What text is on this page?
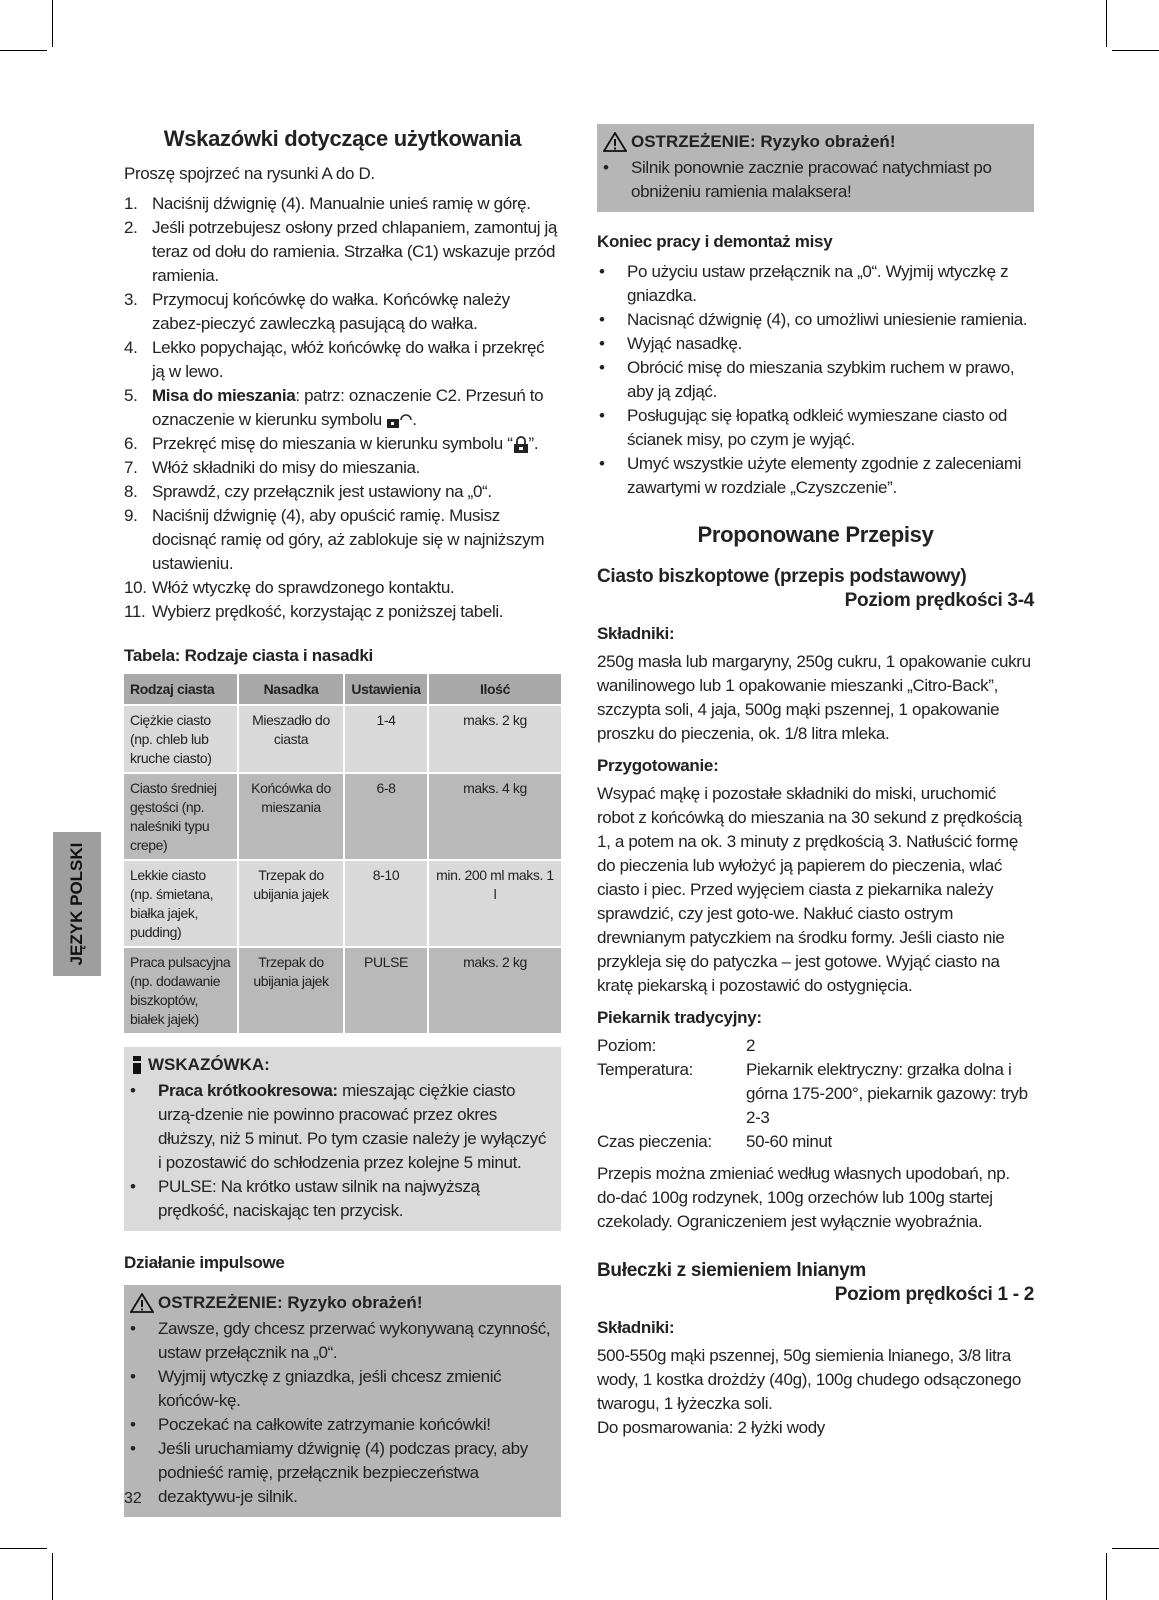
JĘZYK POLSKI
Wskazówki dotyczące użytkowania

Proszę spojrzeć na rysunki A do D.

1. Naciśnij dźwignię (4). Manualnie unieś ramię w górę.
2. Jeśli potrzebujesz osłony przed chlapaniem, zamontuj ją teraz od dołu do ramienia. Strzałka (C1) wskazuje przód ramienia.
3. Przymocuj końcówkę do wałka. Końcówkę należy zabez-pieczyć zawleczką pasującą do wałka.
4. Lekko popychając, włóż końcówkę do wałka i przekręć ją w lewo.
5. Misa do mieszania: patrz: oznaczenie C2. Przesuń to oznaczenie w kierunku symbolu .
6. Przekręć misę do mieszania w kierunku symbolu “ ”.
7. Włóż składniki do misy do mieszania.
8. Sprawdź, czy przełącznik jest ustawiony na „0“.
9. Naciśnij dźwignię (4), aby opuścić ramię. Musisz docisnąć ramię od góry, aż zablokuje się w najniższym ustawieniu.
10. Włóż wtyczkę do sprawdzonego kontaktu.
11. Wybierz prędkość, korzystając z poniższej tabeli.
Tabela: Rodzaje ciasta i nasadki
Rodzaj ciasta	Nasadka	Ustawienia	Ilość
Ciężkie ciasto (np. chleb lub kruche ciasto)	Mieszadło do ciasta	1-4	maks. 2 kg
Ciasto średniej gęstości (np. naleśniki typu crepe)	Końcówka do mieszania	6-8	maks. 4 kg
Lekkie ciasto (np. śmietana, białka jajek, pudding)	Trzepak do ubijania jajek	8-10	min. 200 ml maks. 1 l
Praca pulsacyjna (np. dodawanie biszkoptów, białek jajek)	Trzepak do ubijania jajek	PULSE	maks. 2 kg
WSKAZÓWKA:
• Praca krótkookresowa: mieszając ciężkie ciasto urzą-dzenie nie powinno pracować przez okres dłuższy, niż 5 minut. Po tym czasie należy je wyłączyć i pozostawić do schłodzenia przez kolejne 5 minut.
• PULSE: Na krótko ustaw silnik na najwyższą prędkość, naciskając ten przycisk.
Działanie impulsowe
OSTRZEŻENIE: Ryzyko obrażeń!
• Zawsze, gdy chcesz przerwać wykonywaną czynność, ustaw przełącznik na „0“.
• Wyjmij wtyczkę z gniazdka, jeśli chcesz zmienić końców-kę.
• Poczekać na całkowite zatrzymanie końcówki!
• Jeśli uruchamiamy dźwignię (4) podczas pracy, aby podnieść ramię, przełącznik bezpieczeństwa dezaktywu-je silnik.
OSTRZEŻENIE: Ryzyko obrażeń!
• Silnik ponownie zacznie pracować natychmiast po obniżeniu ramienia malaksera!
Koniec pracy i demontaż misy
• Po użyciu ustaw przełącznik na „0“. Wyjmij wtyczkę z gniazdka.
• Nacisnąć dźwignię (4), co umożliwi uniesienie ramienia.
• Wyjąć nasadkę.
• Obrócić misę do mieszania szybkim ruchem w prawo, aby ją zdjąć.
• Posługując się łopatką odkleić wymieszane ciasto od ścianek misy, po czym je wyjąć.
• Umyć wszystkie użyte elementy zgodnie z zaleceniami zawartymi w rozdziale „Czyszczenie”.
Proponowane Przepisy
Ciasto biszkoptowe (przepis podstawowy)
Poziom prędkości 3-4
Składniki:

250g masła lub margaryny, 250g cukru, 1 opakowanie cukru wanilinowego lub 1 opakowanie mieszanki „Citro-Back”, szczypta soli, 4 jaja, 500g mąki pszennej, 1 opakowanie proszku do pieczenia, ok. 1/8 litra mleka.

Przygotowanie:

Wsypać mąkę i pozostałe składniki do miski, uruchomić robot z końcówką do mieszania na 30 sekund z prędkością 1, a potem na ok. 3 minuty z prędkością 3. Natłuścić formę do pieczenia lub wyłożyć ją papierem do pieczenia, wlać ciasto i piec. Przed wyjęciem ciasta z piekarnika należy sprawdzić, czy jest goto-we. Nakłuć ciasto ostrym drewnianym patyczkiem na środku formy. Jeśli ciasto nie przykleja się do patyczka – jest gotowe. Wyjąć ciasto na kratę piekarską i pozostawić do ostygnięcia.

Piekarnik tradycyjny:
Poziom:	2
Temperatura:	Piekarnik elektryczny: grzałka dolna i górna 175-200°, piekarnik gazowy: tryb 2-3
Czas pieczenia:	50-60 minut

Przepis można zmieniać według własnych upodobań, np. do-dać 100g rodzynek, 100g orzechów lub 100g startej czekolady. Ograniczeniem jest wyłącznie wyobraźnia.

Bułeczki z siemieniem lnianym
Poziom prędkości 1 - 2
Składniki:

500-550g mąki pszennej, 50g siemienia lnianego, 3/8 litra wody, 1 kostka drożdży (40g), 100g chudego odsączonego twarogu, 1 łyżeczka soli.

Do posmarowania: 2 łyżki wody

32
